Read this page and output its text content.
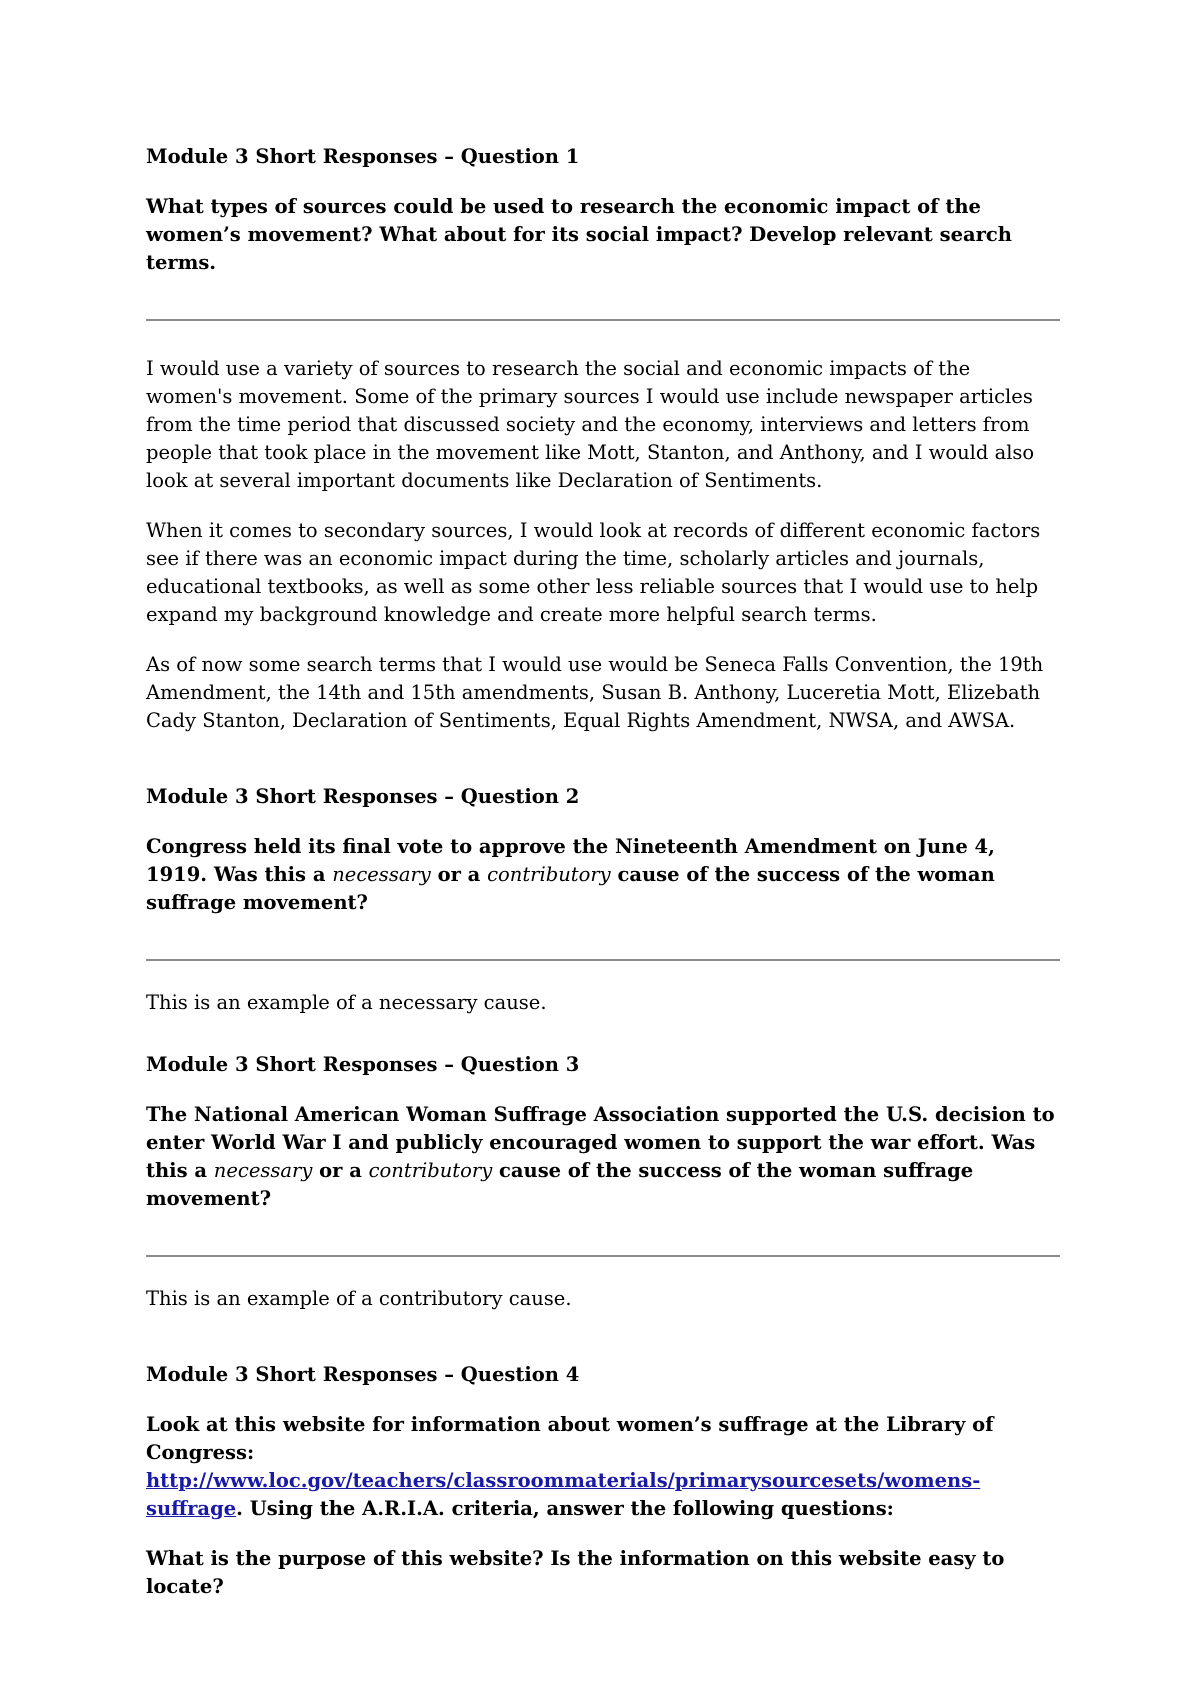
Module 3 Short Responses – Question 1

What types of sources could be used to research the economic impact of the women’s movement? What about for its social impact? Develop relevant search terms.

I would use a variety of sources to research the social and economic impacts of the women's movement. Some of the primary sources I would use include newspaper articles from the time period that discussed society and the economy, interviews and letters from people that took place in the movement like Mott, Stanton, and Anthony, and I would also look at several important documents like Declaration of Sentiments.

When it comes to secondary sources, I would look at records of different economic factors see if there was an economic impact during the time, scholarly articles and journals, educational textbooks, as well as some other less reliable sources that I would use to help expand my background knowledge and create more helpful search terms.

As of now some search terms that I would use would be Seneca Falls Convention, the 19th Amendment, the 14th and 15th amendments, Susan B. Anthony, Luceretia Mott, Elizebath Cady Stanton, Declaration of Sentiments, Equal Rights Amendment, NWSA, and AWSA.

Module 3 Short Responses – Question 2

Congress held its final vote to approve the Nineteenth Amendment on June 4, 1919. Was this a necessary or a contributory cause of the success of the woman suffrage movement?

This is an example of a necessary cause.

Module 3 Short Responses – Question 3

The National American Woman Suffrage Association supported the U.S. decision to enter World War I and publicly encouraged women to support the war effort. Was this a necessary or a contributory cause of the success of the woman suffrage movement?

This is an example of a contributory cause.

Module 3 Short Responses – Question 4

Look at this website for information about women’s suffrage at the Library of Congress: http://www.loc.gov/teachers/classroommaterials/primarysourcesets/womens-suffrage. Using the A.R.I.A. criteria, answer the following questions:

What is the purpose of this website? Is the information on this website easy to locate?
